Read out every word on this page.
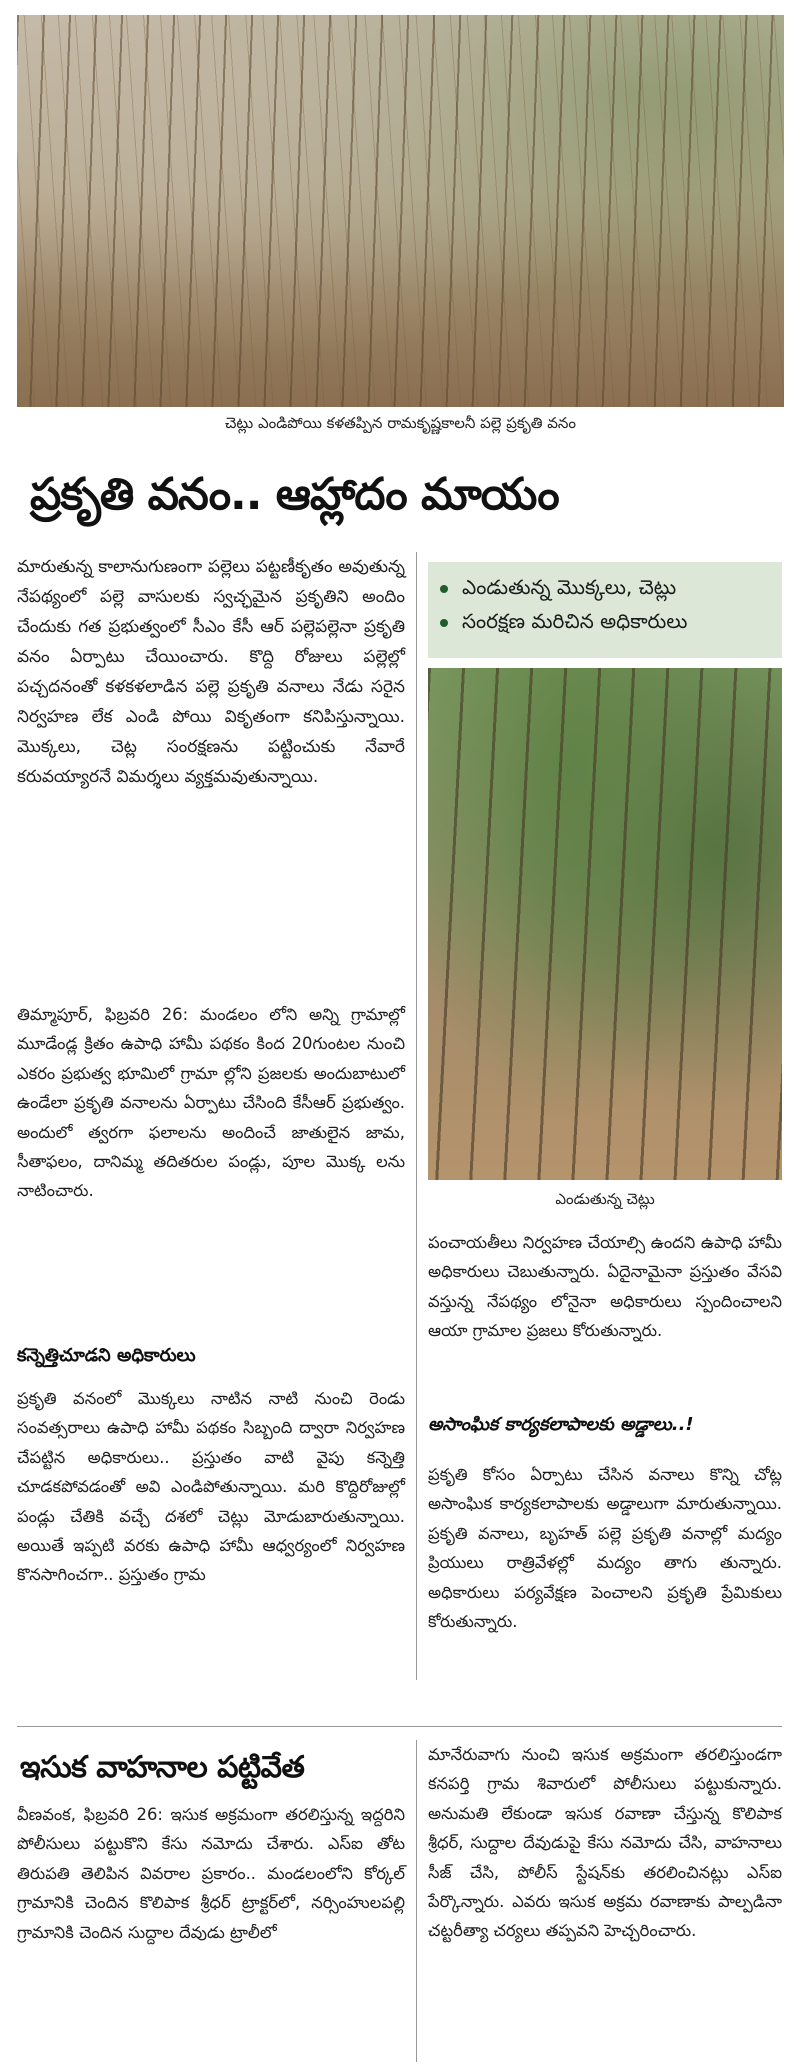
చెట్లు ఎండిపోయి కళతప్పిన రామకృష్ణకాలనీ పల్లె ప్రకృతి వనం
ప్రకృతి వనం.. ఆహ్లాదం మాయం
ఎండుతున్న మొక్కలు, చెట్లు
సంరక్షణ మరిచిన అధికారులు
ఎండుతున్న చెట్లు

మారుతున్న కాలానుగుణంగా పల్లెలు పట్టణీకృతం అవుతున్న నేపథ్యంలో పల్లె వాసులకు స్వచ్ఛమైన ప్రకృతిని అందిం చేందుకు గత ప్రభుత్వంలో సీఎం కేసీ ఆర్ పల్లెపల్లెనా ప్రకృతి వనం ఏర్పాటు చేయించారు. కొద్ది రోజులు పల్లెల్లో పచ్చదనంతో కళకళలాడిన పల్లె ప్రకృతి వనాలు నేడు సరైన నిర్వహణ లేక ఎండి పోయి వికృతంగా కనిపిస్తున్నాయి. మొక్కలు, చెట్ల సంరక్షణను పట్టించుకు నేవారే కరువయ్యారనే విమర్శలు వ్యక్తమవుతున్నాయి.

తిమ్మాపూర్, ఫిబ్రవరి 26: మండలం లోని అన్ని గ్రామాల్లో మూడేండ్ల క్రితం ఉపాధి హామీ పథకం కింద 20గుంటల నుంచి ఎకరం ప్రభుత్వ భూమిలో గ్రామా ల్లోని ప్రజలకు అందుబాటులో ఉండేలా ప్రకృతి వనాలను ఏర్పాటు చేసింది కేసీఆర్ ప్రభుత్వం. అందులో త్వరగా ఫలాలను అందించే జాతులైన జామ, సీతాఫలం, దానిమ్మ తదితరుల పండ్లు, పూల మొక్క లను నాటించారు.

కన్నెత్తిచూడని అధికారులు

ప్రకృతి వనంలో మొక్కలు నాటిన నాటి నుంచి రెండు సంవత్సరాలు ఉపాధి హామీ పథకం సిబ్బంది ద్వారా నిర్వహణ చేపట్టిన అధికారులు.. ప్రస్తుతం వాటి వైపు కన్నెత్తి చూడకపోవడంతో అవి ఎండిపోతున్నాయి. మరి కొద్దిరోజుల్లో పండ్లు చేతికి వచ్చే దశలో చెట్లు మోడుబారుతున్నాయి. అయితే ఇప్పటి వరకు ఉపాధి హామీ ఆధ్వర్యంలో నిర్వహణ కొనసాగించగా.. ప్రస్తుతం గ్రామ

పంచాయతీలు నిర్వహణ చేయాల్సి ఉందని ఉపాధి హామీ అధికారులు చెబుతున్నారు. ఏదైనామైనా ప్రస్తుతం వేసవి వస్తున్న నేపథ్యం లోనైనా అధికారులు స్పందించాలని ఆయా గ్రామాల ప్రజలు కోరుతున్నారు.

అసాంఘిక కార్యకలాపాలకు అడ్డాలు..!

ప్రకృతి కోసం ఏర్పాటు చేసిన వనాలు కొన్ని చోట్ల అసాంఘిక కార్యకలాపాలకు అడ్డాలుగా మారుతున్నాయి. ప్రకృతి వనాలు, బృహత్ పల్లె ప్రకృతి వనాల్లో మద్యం ప్రియులు రాత్రివేళల్లో మద్యం తాగు తున్నారు. అధికారులు పర్యవేక్షణ పెంచాలని ప్రకృతి ప్రేమికులు కోరుతున్నారు.

ఇసుక వాహనాల పట్టివేత

వీణవంక, ఫిబ్రవరి 26: ఇసుక అక్రమంగా తరలిస్తున్న ఇద్దరిని పోలీసులు పట్టుకొని కేసు నమోదు చేశారు. ఎస్ఐ తోట తిరుపతి తెలిపిన వివరాల ప్రకారం.. మండలంలోని కోర్కల్ గ్రామానికి చెందిన కొలిపాక శ్రీధర్ ట్రాక్టర్‌లో, నర్సింహులపల్లి గ్రామానికి చెందిన సుద్దాల దేవుడు ట్రాలీలో

మానేరువాగు నుంచి ఇసుక అక్రమంగా తరలిస్తుండగా కనపర్తి గ్రామ శివారులో పోలీసులు పట్టుకున్నారు. అనుమతి లేకుండా ఇసుక రవాణా చేస్తున్న కొలిపాక శ్రీధర్, సుద్దాల దేవుడుపై కేసు నమోదు చేసి, వాహనాలు సీజ్ చేసి, పోలీస్ స్టేషన్‌కు తరలించినట్లు ఎస్ఐ పేర్కొన్నారు. ఎవరు ఇసుక అక్రమ రవాణాకు పాల్పడినా చట్టరీత్యా చర్యలు తప్పవని హెచ్చరించారు.
